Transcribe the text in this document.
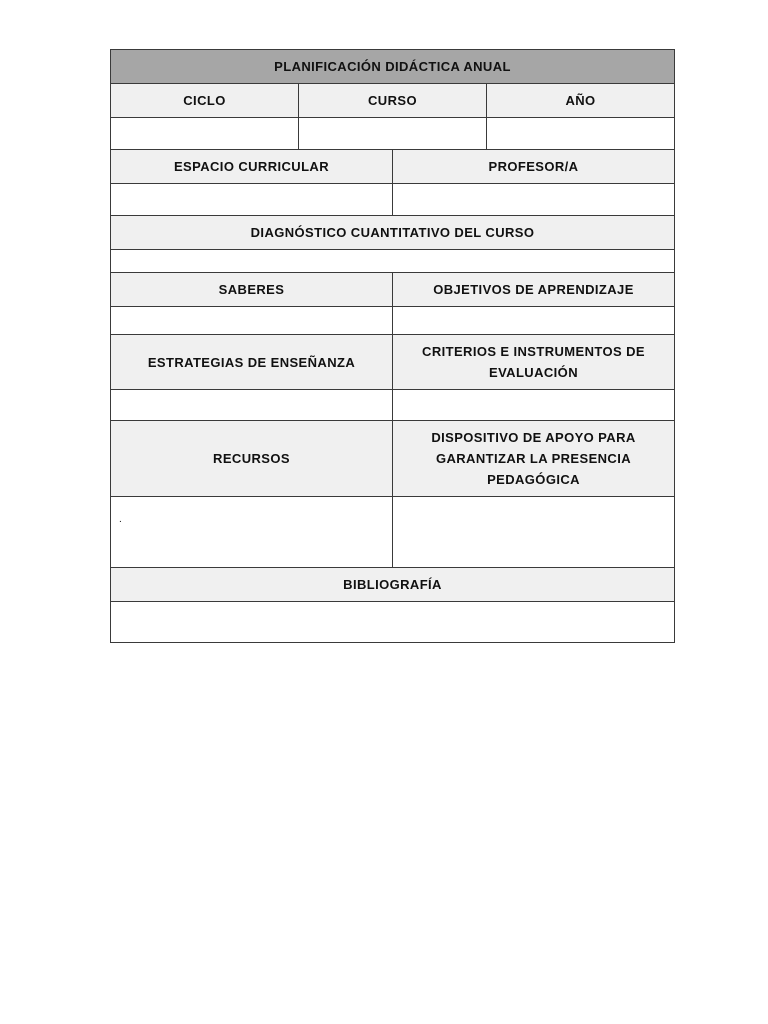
PLANIFICACIÓN DIDÁCTICA ANUAL			
CICLO	CURSO		AÑO

ESPACIO CURRICULAR		PROFESOR/A	

DIAGNÓSTICO CUANTITATIVO DEL CURSO			

SABERES		OBJETIVOS DE APRENDIZAJE	

ESTRATEGIAS DE ENSEÑANZA		CRITERIOS E INSTRUMENTOS DE EVALUACIÓN	

RECURSOS		DISPOSITIVO DE APOYO PARA GARANTIZAR LA PRESENCIA PEDAGÓGICA	

.			

BIBLIOGRAFÍA			
